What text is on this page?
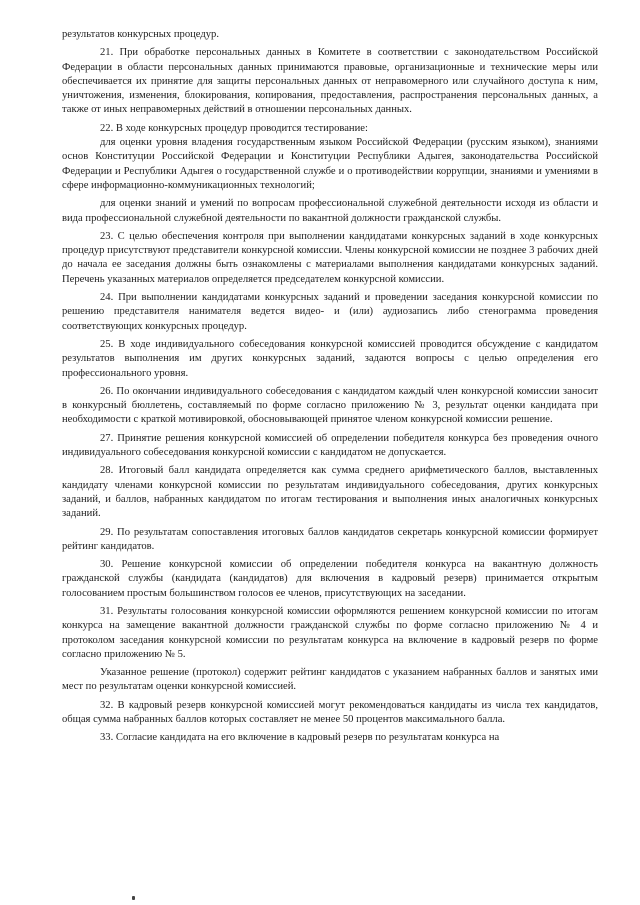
результатов конкурсных процедур.

21. При обработке персональных данных в Комитете в соответствии с законодательством Российской Федерации в области персональных данных принимаются правовые, организационные и технические меры или обеспечивается их принятие для защиты персональных данных от неправомерного или случайного доступа к ним, уничтожения, изменения, блокирования, копирования, предоставления, распространения персональных данных, а также от иных неправомерных действий в отношении персональных данных.

22. В ходе конкурсных процедур проводится тестирование:

для оценки уровня владения государственным языком Российской Федерации (русским языком), знаниями основ Конституции Российской Федерации и Конституции Республики Адыгея, законодательства Российской Федерации и Республики Адыгея о государственной службе и о противодействии коррупции, знаниями и умениями в сфере информационно-коммуникационных технологий;

для оценки знаний и умений по вопросам профессиональной служебной деятельности исходя из области и вида профессиональной служебной деятельности по вакантной должности гражданской службы.

23. С целью обеспечения контроля при выполнении кандидатами конкурсных заданий в ходе конкурсных процедур присутствуют представители конкурсной комиссии. Члены конкурсной комиссии не позднее 3 рабочих дней до начала ее заседания должны быть ознакомлены с материалами выполнения кандидатами конкурсных заданий. Перечень указанных материалов определяется председателем конкурсной комиссии.

24. При выполнении кандидатами конкурсных заданий и проведении заседания конкурсной комиссии по решению представителя нанимателя ведется видео- и (или) аудиозапись либо стенограмма проведения соответствующих конкурсных процедур.

25. В ходе индивидуального собеседования конкурсной комиссией проводится обсуждение с кандидатом результатов выполнения им других конкурсных заданий, задаются вопросы с целью определения его профессионального уровня.

26. По окончании индивидуального собеседования с кандидатом каждый член конкурсной комиссии заносит в конкурсный бюллетень, составляемый по форме согласно приложению № 3, результат оценки кандидата при необходимости с краткой мотивировкой, обосновывающей принятое членом конкурсной комиссии решение.

27. Принятие решения конкурсной комиссией об определении победителя конкурса без проведения очного индивидуального собеседования конкурсной комиссии с кандидатом не допускается.

28. Итоговый балл кандидата определяется как сумма среднего арифметического баллов, выставленных кандидату членами конкурсной комиссии по результатам индивидуального собеседования, других конкурсных заданий, и баллов, набранных кандидатом по итогам тестирования и выполнения иных аналогичных конкурсных заданий.

29. По результатам сопоставления итоговых баллов кандидатов секретарь конкурсной комиссии формирует рейтинг кандидатов.

30. Решение конкурсной комиссии об определении победителя конкурса на вакантную должность гражданской службы (кандидата (кандидатов) для включения в кадровый резерв) принимается открытым голосованием простым большинством голосов ее членов, присутствующих на заседании.

31. Результаты голосования конкурсной комиссии оформляются решением конкурсной комиссии по итогам конкурса на замещение вакантной должности гражданской службы по форме согласно приложению № 4 и протоколом заседания конкурсной комиссии по результатам конкурса на включение в кадровый резерв по форме согласно приложению № 5.

Указанное решение (протокол) содержит рейтинг кандидатов с указанием набранных баллов и занятых ими мест по результатам оценки конкурсной комиссией.

32. В кадровый резерв конкурсной комиссией могут рекомендоваться кандидаты из числа тех кандидатов, общая сумма набранных баллов которых составляет не менее 50 процентов максимального балла.

33. Согласие кандидата на его включение в кадровый резерв по результатам конкурса на
